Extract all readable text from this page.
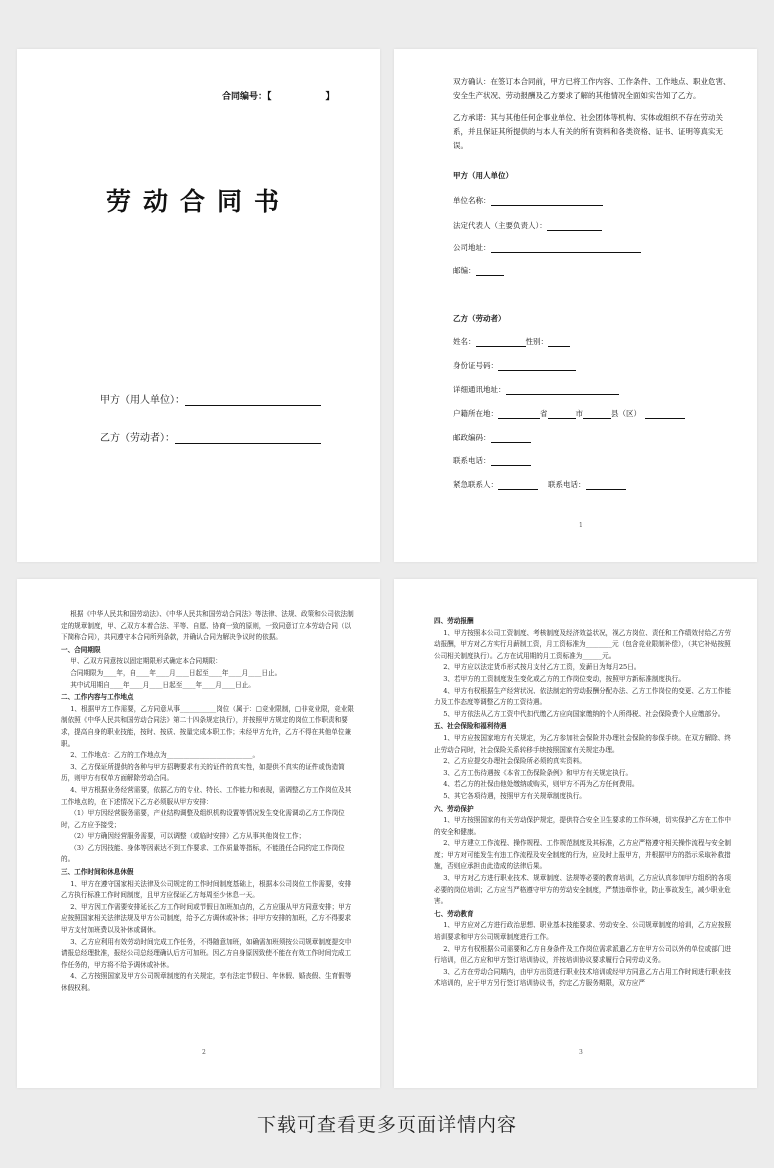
合同编号：【　　　　　　】
劳动合同书
甲方（用人单位）：
乙方（劳动者）：
双方确认：在签订本合同前，甲方已将工作内容、工作条件、工作地点、职业危害、安全生产状况、劳动报酬及乙方要求了解的其他情况全面如实告知了乙方。
乙方承诺：其与其他任何企事业单位、社会团体等机构、实体或组织不存在劳动关系，并且保证其所提供的与本人有关的所有资料和各类资格、证书、证明等真实无误。
甲方（用人单位）
单位名称：
法定代表人（主要负责人）：
公司地址：
邮编：
乙方（劳动者）
姓名：	性别：
身份证号码：
详细通讯地址：
户籍所在地：	省	市	县（区）
邮政编码：
联系电话：
紧急联系人：	联系电话：
1

根据《中华人民共和国劳动法》、《中华人民共和国劳动合同法》等法律、法规、政策和公司依法制定的规章制度，甲、乙双方本着合法、平等、自愿、协商一致的原则，一致同意订立本劳动合同（以下简称合同），共同遵守本合同所列条款，并确认合同为解决争议时的依据。

一、合同期限

甲、乙双方同意按以固定期限形式确定本合同期限：

合同期限为____年，自____年____月____日起至____年____月____日止。

其中试用期自____年____月____日起至____年____月____日止。

二、工作内容与工作地点

1、根据甲方工作需要，乙方同意从事___________岗位（属于：□竞业限制，□非竞业限，竞业限制依照《中华人民共和国劳动合同法》第二十四条规定执行），并按照甲方规定的岗位工作职责和要求，提高自身的职业技能，按时、按质、按量完成本职工作；未经甲方允许，乙方不得在其他单位兼职。

2、工作地点：乙方的工作地点为__________________________。

3、乙方保证所提供的各种与甲方招聘要求有关的证件的真实性，如提供不真实的证件或伪造简历，则甲方有权单方面解除劳动合同。

4、甲方根据业务经营需要，依据乙方的专业、特长、工作能力和表现，需调整乙方工作岗位及其工作地点的，在下述情况下乙方必须服从甲方安排：

（1）甲方因经营服务需要，产业结构调整及组织机构设置等情况发生变化需调动乙方工作岗位时，乙方应予接受；

（2）甲方确因经营服务需要，可以调整（或临时安排）乙方从事其他岗位工作；

（3）乙方因技能、身体等因素达不到工作要求、工作质量等指标，不能胜任合同约定工作岗位的。

三、工作时间和休息休假

1、甲方在遵守国家相关法律及公司规定的工作时间制度基础上，根据本公司岗位工作需要，安排乙方执行标准工作时间制度，且甲方应保证乙方每周至少休息一天。

2、甲方因工作需要安排延长乙方工作时间或节假日加班加点的，乙方应服从甲方同意安排；甲方应按照国家相关法律法规及甲方公司制度，给予乙方调休或补休；非甲方安排的加班，乙方不得要求甲方支付加班费以及补休或调休。

3、乙方应利用有效劳动时间完成工作任务，不得随意加班，如确需加班须按公司规章制度提交申请报总经理批准，报经公司总经理确认后方可加班。因乙方自身原因致使不能在有效工作时间完成工作任务的，甲方将不给予调休或补休。

4、乙方按照国家及甲方公司规章制度的有关规定，享有法定节假日、年休假、婚丧假、生育假等休假权利。

2

四、劳动报酬

1、甲方按照本公司工资制度、考核制度及经济效益状况，视乙方岗位、责任和工作绩效付给乙方劳动报酬，甲方对乙方实行月薪制工资，月工资标准为________元（包含竞业限制补偿），（其它补贴按照公司相关制度执行）。乙方在试用期的月工资标准为______元。

2、甲方应以法定货币形式按月支付乙方工资，发薪日为每月25日。

3、若甲方的工资制度发生变化或乙方的工作岗位变动，按照甲方新标准制度执行。

4、甲方有权根据生产经营状况、依法制定的劳动报酬分配办法、乙方工作岗位的变更、乙方工作能力及工作态度等调整乙方的工资待遇。

5、甲方依法从乙方工资中代扣代缴乙方应向国家缴纳的个人所得税、社会保险费个人应缴部分。

五、社会保险和福利待遇

1、甲方应按国家地方有关规定，为乙方参加社会保险并办理社会保险的参保手续。在双方解除、终止劳动合同时，社会保险关系转移手续按照国家有关规定办理。

2、乙方应提交办理社会保险所必须的真实资料。

3、乙方工伤待遇按《本省工伤保险条例》和甲方有关规定执行。

4、若乙方的社保由他处缴纳或购买，则甲方不再为乙方任何费用。

5、其它各项待遇，按照甲方有关规章制度执行。

六、劳动保护

1、甲方按照国家的有关劳动保护规定，提供符合安全卫生要求的工作环境，切实保护乙方在工作中的安全和健康。

2、甲方建立工作流程、操作规程、工作规范制度及其标准，乙方应严格遵守相关操作流程与安全制度；甲方对可能发生有违工作流程及安全制度的行为，应及时上报甲方，并根据甲方的指示采取补救措施，否则应承担由此造成的法律后果。

3、甲方对乙方进行职业技术、规章制度、法规等必要的教育培训，乙方应认真参加甲方组织的各项必要的岗位培训；乙方应当严格遵守甲方的劳动安全制度，严禁违章作业，防止事故发生，减少职业危害。

七、劳动教育

1、甲方应对乙方进行政治思想、职业基本技能要求、劳动安全、公司规章制度的培训，乙方应按照培训要求和甲方公司规章制度进行工作。

2、甲方有权根据公司需要和乙方自身条件及工作岗位需求派遣乙方在甲方公司以外的单位或部门进行培训，但乙方应和甲方签订培训协议，并按培训协议要求履行合同劳动义务。

3、乙方在劳动合同期内，由甲方出资进行职业技术培训或经甲方同意乙方占用工作时间进行职业技术培训的，应于甲方另行签订培训协议书，约定乙方服务期限，双方应严

3
下载可查看更多页面详情内容
